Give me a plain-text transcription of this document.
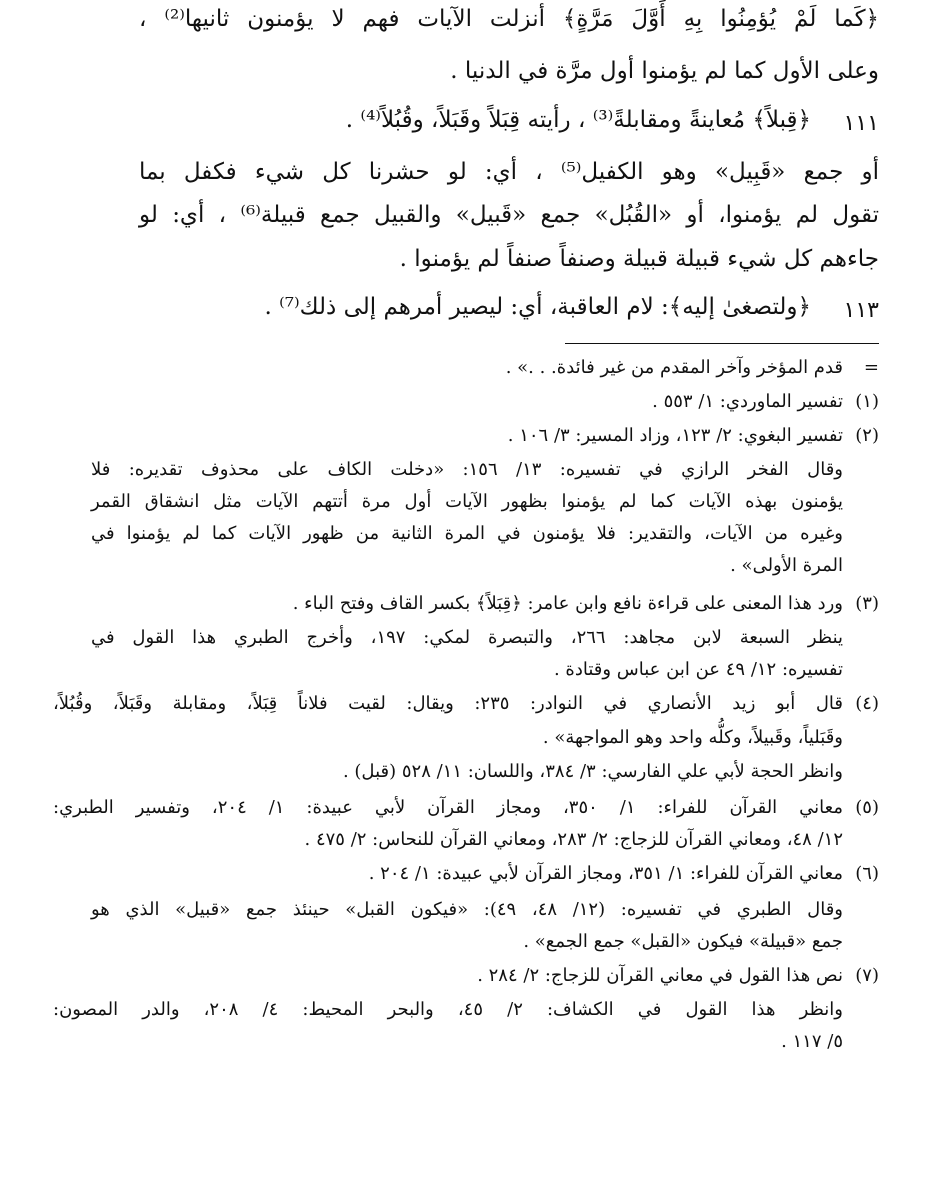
﴿كَما لَمْ يُؤمِنُوا بِهِ أَوَّلَ مَرَّةٍ﴾ أنزلت الآيات فهم لا يؤمنون ثانيها⁽²⁾ ،
وعلى الأول كما لم يؤمنوا أول مرَّة في الدنيا .
١١١
﴿قِبلاً﴾ مُعاينةً ومقابلةً⁽³⁾ ، رأيته قِبَلاً وقَبَلاً، وقُبُلاً⁽⁴⁾ .
أو جمع «قَبِيل» وهو الكفيل⁽⁵⁾ ، أي: لو حشرنا كل شيء فكفل بما
تقول لم يؤمنوا، أو «القُبُل» جمع «قَبيل» والقبيل جمع قبيلة⁽⁶⁾ ، أي: لو
جاءهم كل شيء قبيلة قبيلة وصنفاً صنفاً لم يؤمنوا .
١١٣
﴿ولتصغىٰ إليه﴾: لام العاقبة، أي: ليصير أمرهم إلى ذلك⁽⁷⁾ .
=
قدم المؤخر وآخر المقدم من غير فائدة. . .» .
(١)
تفسير الماوردي: ١/ ٥٥٣ .
(٢)
تفسير البغوي: ٢/ ١٢٣، وزاد المسير: ٣/ ١٠٦ .
وقال الفخر الرازي في تفسيره: ١٣/ ١٥٦: «دخلت الكاف على محذوف تقديره: فلا
يؤمنون بهذه الآيات كما لم يؤمنوا بظهور الآيات أول مرة أتتهم الآيات مثل انشقاق القمر
وغيره من الآيات، والتقدير: فلا يؤمنون في المرة الثانية من ظهور الآيات كما لم يؤمنوا في
المرة الأولى» .
(٣)
ورد هذا المعنى على قراءة نافع وابن عامر: ﴿قِبَلاً﴾ بكسر القاف وفتح الباء .
ينظر السبعة لابن مجاهد: ٢٦٦، والتبصرة لمكي: ١٩٧، وأخرج الطبري هذا القول في
تفسيره: ١٢/ ٤٩ عن ابن عباس وقتادة .
(٤)
قال أبو زيد الأنصاري في النوادر: ٢٣٥: ويقال: لقيت فلاناً قِبَلاً، ومقابلة وقَبَلاً، وقُبُلاً،
وقَبَلياً، وقَبيلاً، وكلُّه واحد وهو المواجهة» .
وانظر الحجة لأبي علي الفارسي: ٣/ ٣٨٤، واللسان: ١١/ ٥٢٨ (قبل) .
(٥)
معاني القرآن للفراء: ١/ ٣٥٠، ومجاز القرآن لأبي عبيدة: ١/ ٢٠٤، وتفسير الطبري:
١٢/ ٤٨، ومعاني القرآن للزجاج: ٢/ ٢٨٣، ومعاني القرآن للنحاس: ٢/ ٤٧٥ .
(٦)
معاني القرآن للفراء: ١/ ٣٥١، ومجاز القرآن لأبي عبيدة: ١/ ٢٠٤ .
وقال الطبري في تفسيره: (١٢/ ٤٨، ٤٩): «فيكون القبل» حينئذ جمع «قبيل» الذي هو
جمع «قبيلة» فيكون «القبل» جمع الجمع» .
(٧)
نص هذا القول في معاني القرآن للزجاج: ٢/ ٢٨٤ .
وانظر هذا القول في الكشاف: ٢/ ٤٥، والبحر المحيط: ٤/ ٢٠٨، والدر المصون:
٥/ ١١٧ .
